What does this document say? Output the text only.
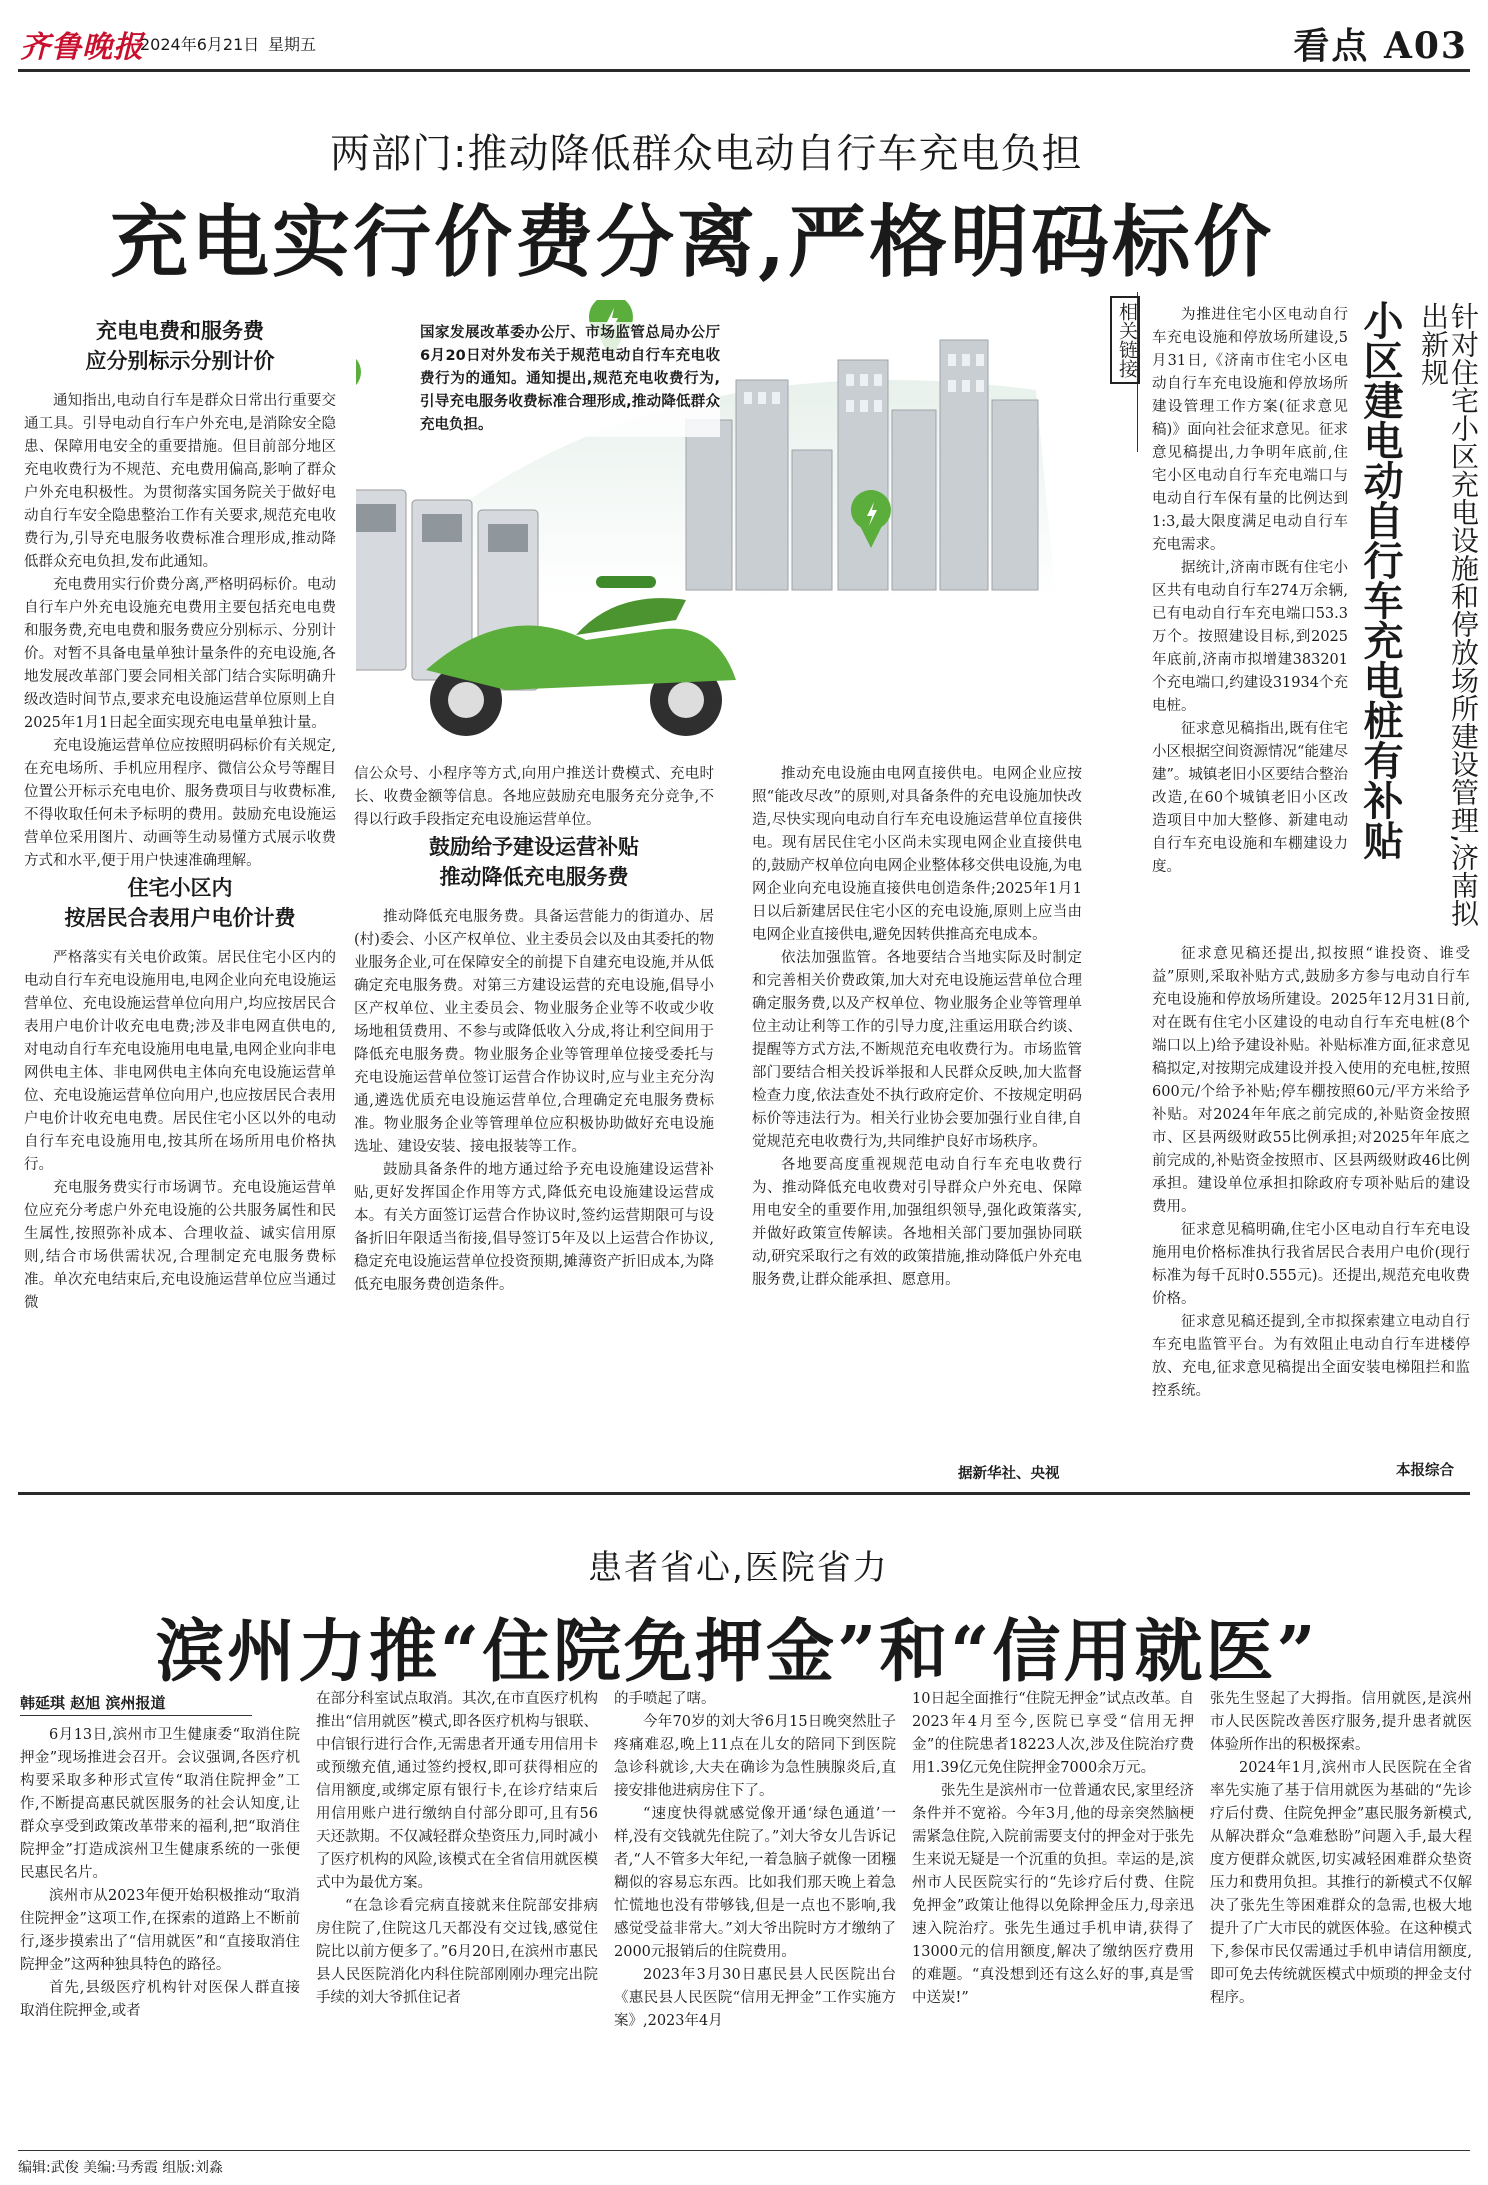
齐鲁晚报
2024年6月21日 星期五	看点 A03
两部门:推动降低群众电动自行车充电负担
充电实行价费分离,严格明码标价
充电电费和服务费
应分别标示分别计价

通知指出,电动自行车是群众日常出行重要交通工具。引导电动自行车户外充电,是消除安全隐患、保障用电安全的重要措施。但目前部分地区充电收费行为不规范、充电费用偏高,影响了群众户外充电积极性。为贯彻落实国务院关于做好电动自行车安全隐患整治工作有关要求,规范充电收费行为,引导充电服务收费标准合理形成,推动降低群众充电负担,发布此通知。

充电费用实行价费分离,严格明码标价。电动自行车户外充电设施充电费用主要包括充电电费和服务费,充电电费和服务费应分别标示、分别计价。对暂不具备电量单独计量条件的充电设施,各地发展改革部门要会同相关部门结合实际明确升级改造时间节点,要求充电设施运营单位原则上自2025年1月1日起全面实现充电电量单独计量。

充电设施运营单位应按照明码标价有关规定,在充电场所、手机应用程序、微信公众号等醒目位置公开标示充电电价、服务费项目与收费标准,不得收取任何未予标明的费用。鼓励充电设施运营单位采用图片、动画等生动易懂方式展示收费方式和水平,便于用户快速准确理解。

住宅小区内
按居民合表用户电价计费

严格落实有关电价政策。居民住宅小区内的电动自行车充电设施用电,电网企业向充电设施运营单位、充电设施运营单位向用户,均应按居民合表用户电价计收充电电费;涉及非电网直供电的,对电动自行车充电设施用电电量,电网企业向非电网供电主体、非电网供电主体向充电设施运营单位、充电设施运营单位向用户,也应按居民合表用户电价计收充电电费。居民住宅小区以外的电动自行车充电设施用电,按其所在场所用电价格执行。

充电服务费实行市场调节。充电设施运营单位应充分考虑户外充电设施的公共服务属性和民生属性,按照弥补成本、合理收益、诚实信用原则,结合市场供需状况,合理制定充电服务费标准。单次充电结束后,充电设施运营单位应当通过微

国家发展改革委办公厅、市场监管总局办公厅6月20日对外发布关于规范电动自行车充电收费行为的通知。通知提出,规范充电收费行为,引导充电服务收费标准合理形成,推动降低群众充电负担。

信公众号、小程序等方式,向用户推送计费模式、充电时长、收费金额等信息。各地应鼓励充电服务充分竞争,不得以行政手段指定充电设施运营单位。

鼓励给予建设运营补贴
推动降低充电服务费

推动降低充电服务费。具备运营能力的街道办、居(村)委会、小区产权单位、业主委员会以及由其委托的物业服务企业,可在保障安全的前提下自建充电设施,并从低确定充电服务费。对第三方建设运营的充电设施,倡导小区产权单位、业主委员会、物业服务企业等不收或少收场地租赁费用、不参与或降低收入分成,将让利空间用于降低充电服务费。物业服务企业等管理单位接受委托与充电设施运营单位签订运营合作协议时,应与业主充分沟通,遴选优质充电设施运营单位,合理确定充电服务费标准。物业服务企业等管理单位应积极协助做好充电设施选址、建设安装、接电报装等工作。

鼓励具备条件的地方通过给予充电设施建设运营补贴,更好发挥国企作用等方式,降低充电设施建设运营成本。有关方面签订运营合作协议时,签约运营期限可与设备折旧年限适当衔接,倡导签订5年及以上运营合作协议,稳定充电设施运营单位投资预期,摊薄资产折旧成本,为降低充电服务费创造条件。

推动充电设施由电网直接供电。电网企业应按照“能改尽改”的原则,对具备条件的充电设施加快改造,尽快实现向电动自行车充电设施运营单位直接供电。现有居民住宅小区尚未实现电网企业直接供电的,鼓励产权单位向电网企业整体移交供电设施,为电网企业向充电设施直接供电创造条件;2025年1月1日以后新建居民住宅小区的充电设施,原则上应当由电网企业直接供电,避免因转供推高充电成本。

依法加强监管。各地要结合当地实际及时制定和完善相关价费政策,加大对充电设施运营单位合理确定服务费,以及产权单位、物业服务企业等管理单位主动让利等工作的引导力度,注重运用联合约谈、提醒等方式方法,不断规范充电收费行为。市场监管部门要结合相关投诉举报和人民群众反映,加大监督检查力度,依法查处不执行政府定价、不按规定明码标价等违法行为。相关行业协会要加强行业自律,自觉规范充电收费行为,共同维护良好市场秩序。

各地要高度重视规范电动自行车充电收费行为、推动降低充电收费对引导群众户外充电、保障用电安全的重要作用,加强组织领导,强化政策落实,并做好政策宣传解读。各地相关部门要加强协同联动,研究采取行之有效的政策措施,推动降低户外充电服务费,让群众能承担、愿意用。

据新华社、央视
相关链接	为推进住宅小区电动自行车充电设施和停放场所建设,5月31日,《济南市住宅小区电动自行车充电设施和停放场所建设管理工作方案(征求意见稿)》面向社会征求意见。征求意见稿提出,力争明年底前,住宅小区电动自行车充电端口与电动自行车保有量的比例达到1:3,最大限度满足电动自行车充电需求。

据统计,济南市既有住宅小区共有电动自行车274万余辆,已有电动自行车充电端口53.3万个。按照建设目标,到2025年底前,济南市拟增建383201个充电端口,约建设31934个充电桩。

征求意见稿指出,既有住宅小区根据空间资源情况“能建尽建”。城镇老旧小区要结合整治改造,在60个城镇老旧小区改造项目中加大整修、新建电动自行车充电设施和车棚建设力度。

小区建电动自行车充电桩有补贴	针对住宅小区充电设施和停放场所建设管理,济南拟出新规

征求意见稿还提出,拟按照“谁投资、谁受益”原则,采取补贴方式,鼓励多方参与电动自行车充电设施和停放场所建设。2025年12月31日前,对在既有住宅小区建设的电动自行车充电桩(8个端口以上)给予建设补贴。补贴标准方面,征求意见稿拟定,对按期完成建设并投入使用的充电桩,按照600元/个给予补贴;停车棚按照60元/平方米给予补贴。对2024年年底之前完成的,补贴资金按照市、区县两级财政55比例承担;对2025年年底之前完成的,补贴资金按照市、区县两级财政46比例承担。建设单位承担扣除政府专项补贴后的建设费用。

征求意见稿明确,住宅小区电动自行车充电设施用电价格标准执行我省居民合表用户电价(现行标准为每千瓦时0.555元)。还提出,规范充电收费价格。

征求意见稿还提到,全市拟探索建立电动自行车充电监管平台。为有效阻止电动自行车进楼停放、充电,征求意见稿提出全面安装电梯阻拦和监控系统。

本报综合
患者省心,医院省力
滨州力推“住院免押金”和“信用就医”
韩延琪 赵旭 滨州报道

6月13日,滨州市卫生健康委“取消住院押金”现场推进会召开。会议强调,各医疗机构要采取多种形式宣传“取消住院押金”工作,不断提高惠民就医服务的社会认知度,让群众享受到政策改革带来的福利,把“取消住院押金”打造成滨州卫生健康系统的一张便民惠民名片。

滨州市从2023年便开始积极推动“取消住院押金”这项工作,在探索的道路上不断前行,逐步摸索出了“信用就医”和“直接取消住院押金”这两种独具特色的路径。

首先,县级医疗机构针对医保人群直接取消住院押金,或者

在部分科室试点取消。其次,在市直医疗机构推出“信用就医”模式,即各医疗机构与银联、中信银行进行合作,无需患者开通专用信用卡或预缴充值,通过签约授权,即可获得相应的信用额度,或绑定原有银行卡,在诊疗结束后用信用账户进行缴纳自付部分即可,且有56天还款期。不仅减轻群众垫资压力,同时减小了医疗机构的风险,该模式在全省信用就医模式中为最优方案。

“在急诊看完病直接就来住院部安排病房住院了,住院这几天都没有交过钱,感觉住院比以前方便多了。”6月20日,在滨州市惠民县人民医院消化内科住院部刚刚办理完出院手续的刘大爷抓住记者

的手喷起了嗐。

今年70岁的刘大爷6月15日晚突然肚子疼痛难忍,晚上11点在儿女的陪同下到医院急诊科就诊,大夫在确诊为急性胰腺炎后,直接安排他进病房住下了。

“速度快得就感觉像开通‘绿色通道’一样,没有交钱就先住院了。”刘大爷女儿告诉记者,“人不管多大年纪,一着急脑子就像一团糨糊似的容易忘东西。比如我们那天晚上着急忙慌地也没有带够钱,但是一点也不影响,我感觉受益非常大。”刘大爷出院时方才缴纳了2000元报销后的住院费用。

2023年3月30日惠民县人民医院出台《惠民县人民医院“信用无押金”工作实施方案》,2023年4月

10日起全面推行“住院无押金”试点改革。自2023年4月至今,医院已享受“信用无押金”的住院患者18223人次,涉及住院治疗费用1.39亿元免住院押金7000余万元。

张先生是滨州市一位普通农民,家里经济条件并不宽裕。今年3月,他的母亲突然脑梗需紧急住院,入院前需要支付的押金对于张先生来说无疑是一个沉重的负担。幸运的是,滨州市人民医院实行的“先诊疗后付费、住院免押金”政策让他得以免除押金压力,母亲迅速入院治疗。张先生通过手机申请,获得了13000元的信用额度,解决了缴纳医疗费用的难题。“真没想到还有这么好的事,真是雪中送炭!”

张先生竖起了大拇指。信用就医,是滨州市人民医院改善医疗服务,提升患者就医体验所作出的积极探索。

2024年1月,滨州市人民医院在全省率先实施了基于信用就医为基础的“先诊疗后付费、住院免押金”惠民服务新模式,从解决群众“急难愁盼”问题入手,最大程度方便群众就医,切实减轻困难群众垫资压力和费用负担。其推行的新模式不仅解决了张先生等困难群众的急需,也极大地提升了广大市民的就医体验。在这种模式下,参保市民仅需通过手机申请信用额度,即可免去传统就医模式中烦琐的押金支付程序。

编辑:武俊 美编:马秀霞 组版:刘淼
